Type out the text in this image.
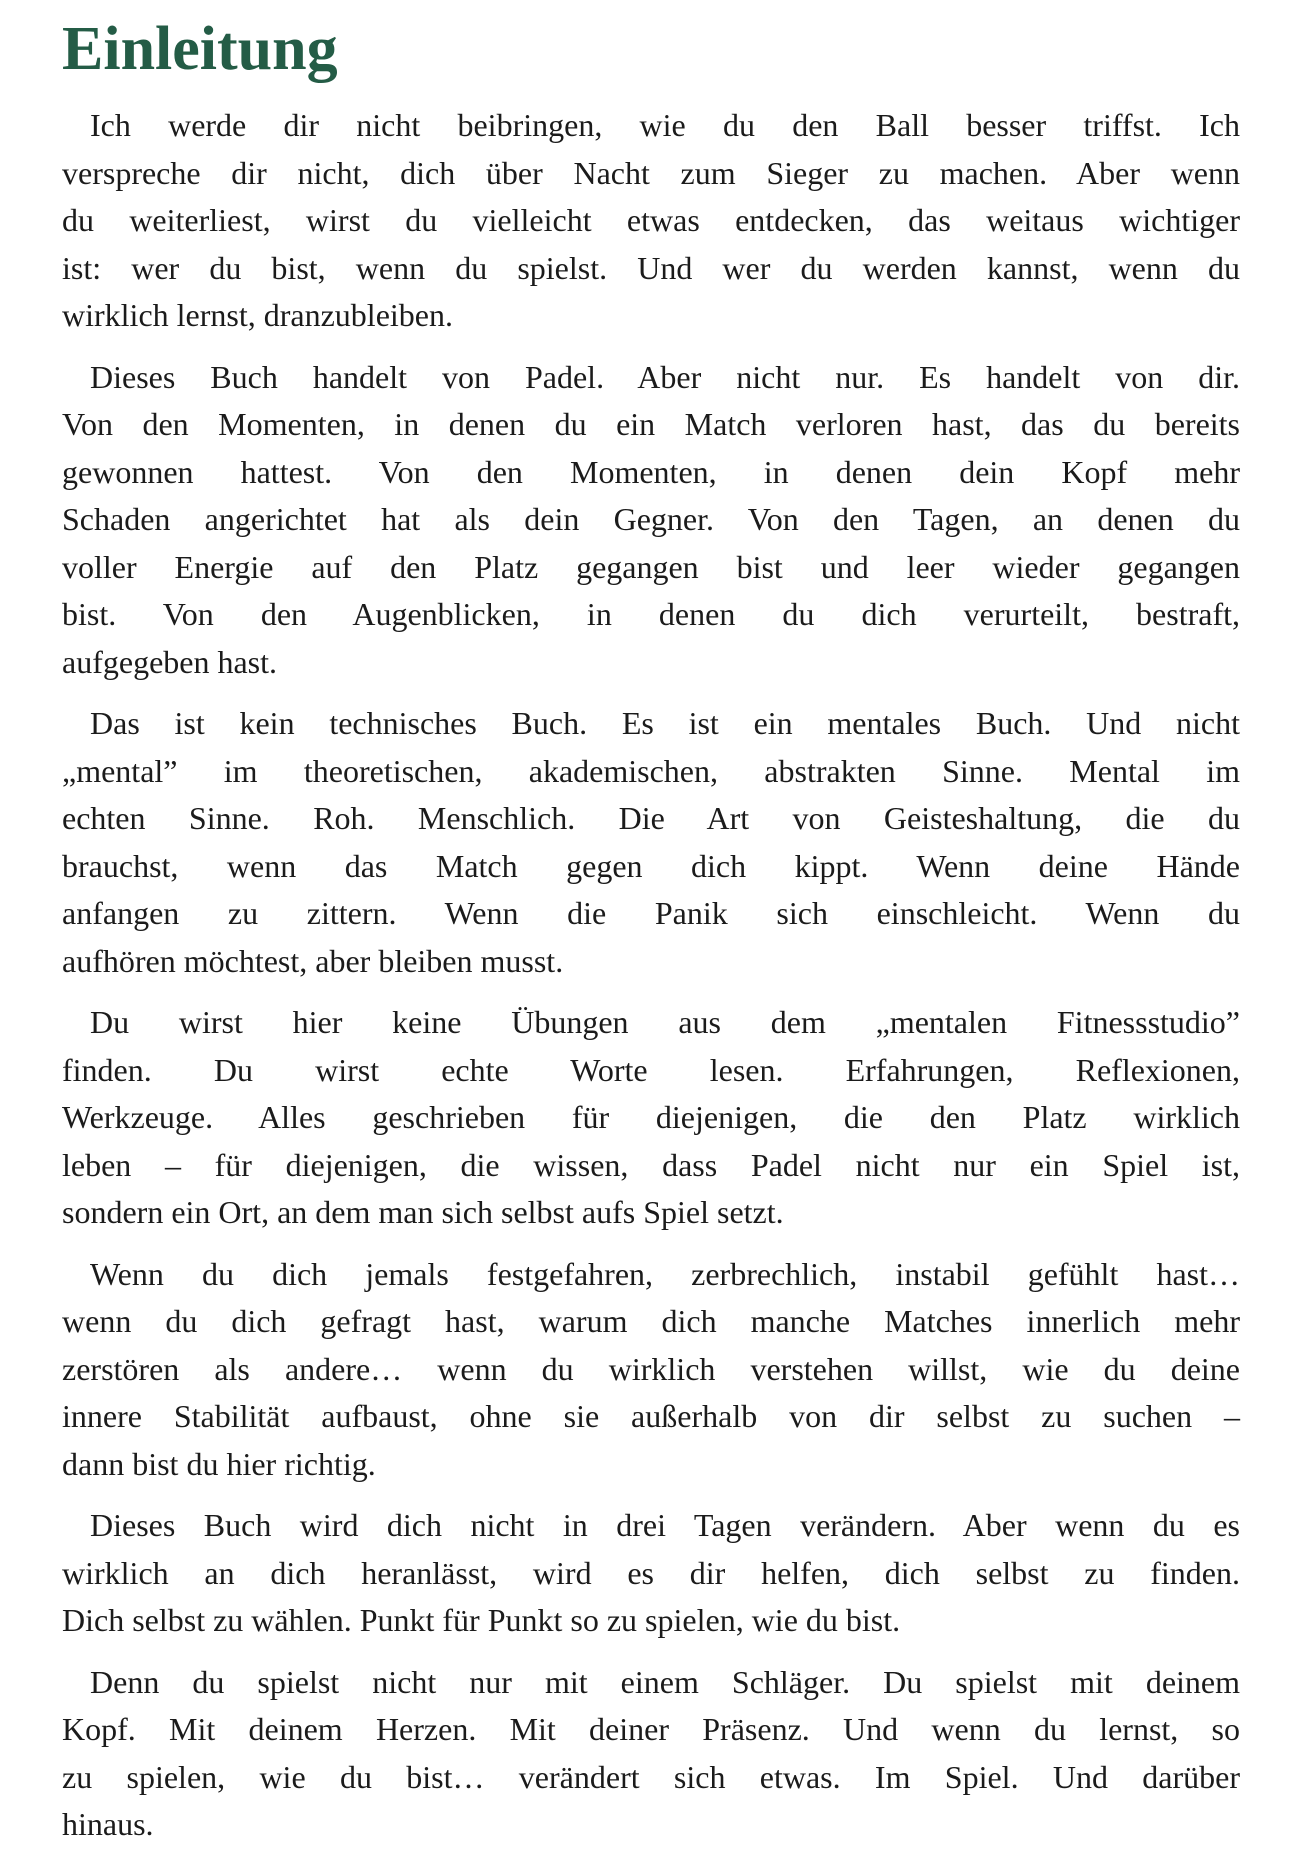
Einleitung

Ich werde dir nicht beibringen, wie du den Ball besser triffst. Ich
verspreche dir nicht, dich über Nacht zum Sieger zu machen. Aber wenn
du weiterliest, wirst du vielleicht etwas entdecken, das weitaus wichtiger
ist: wer du bist, wenn du spielst. Und wer du werden kannst, wenn du
wirklich lernst, dranzubleiben.

Dieses Buch handelt von Padel. Aber nicht nur. Es handelt von dir.
Von den Momenten, in denen du ein Match verloren hast, das du bereits
gewonnen hattest. Von den Momenten, in denen dein Kopf mehr
Schaden angerichtet hat als dein Gegner. Von den Tagen, an denen du
voller Energie auf den Platz gegangen bist und leer wieder gegangen
bist. Von den Augenblicken, in denen du dich verurteilt, bestraft,
aufgegeben hast.

Das ist kein technisches Buch. Es ist ein mentales Buch. Und nicht
„mental” im theoretischen, akademischen, abstrakten Sinne. Mental im
echten Sinne. Roh. Menschlich. Die Art von Geisteshaltung, die du
brauchst, wenn das Match gegen dich kippt. Wenn deine Hände
anfangen zu zittern. Wenn die Panik sich einschleicht. Wenn du
aufhören möchtest, aber bleiben musst.

Du wirst hier keine Übungen aus dem „mentalen Fitnessstudio”
finden. Du wirst echte Worte lesen. Erfahrungen, Reflexionen,
Werkzeuge. Alles geschrieben für diejenigen, die den Platz wirklich
leben – für diejenigen, die wissen, dass Padel nicht nur ein Spiel ist,
sondern ein Ort, an dem man sich selbst aufs Spiel setzt.

Wenn du dich jemals festgefahren, zerbrechlich, instabil gefühlt hast…
wenn du dich gefragt hast, warum dich manche Matches innerlich mehr
zerstören als andere… wenn du wirklich verstehen willst, wie du deine
innere Stabilität aufbaust, ohne sie außerhalb von dir selbst zu suchen –
dann bist du hier richtig.

Dieses Buch wird dich nicht in drei Tagen verändern. Aber wenn du es
wirklich an dich heranlässt, wird es dir helfen, dich selbst zu finden.
Dich selbst zu wählen. Punkt für Punkt so zu spielen, wie du bist.

Denn du spielst nicht nur mit einem Schläger. Du spielst mit deinem
Kopf. Mit deinem Herzen. Mit deiner Präsenz. Und wenn du lernst, so
zu spielen, wie du bist… verändert sich etwas. Im Spiel. Und darüber
hinaus.
